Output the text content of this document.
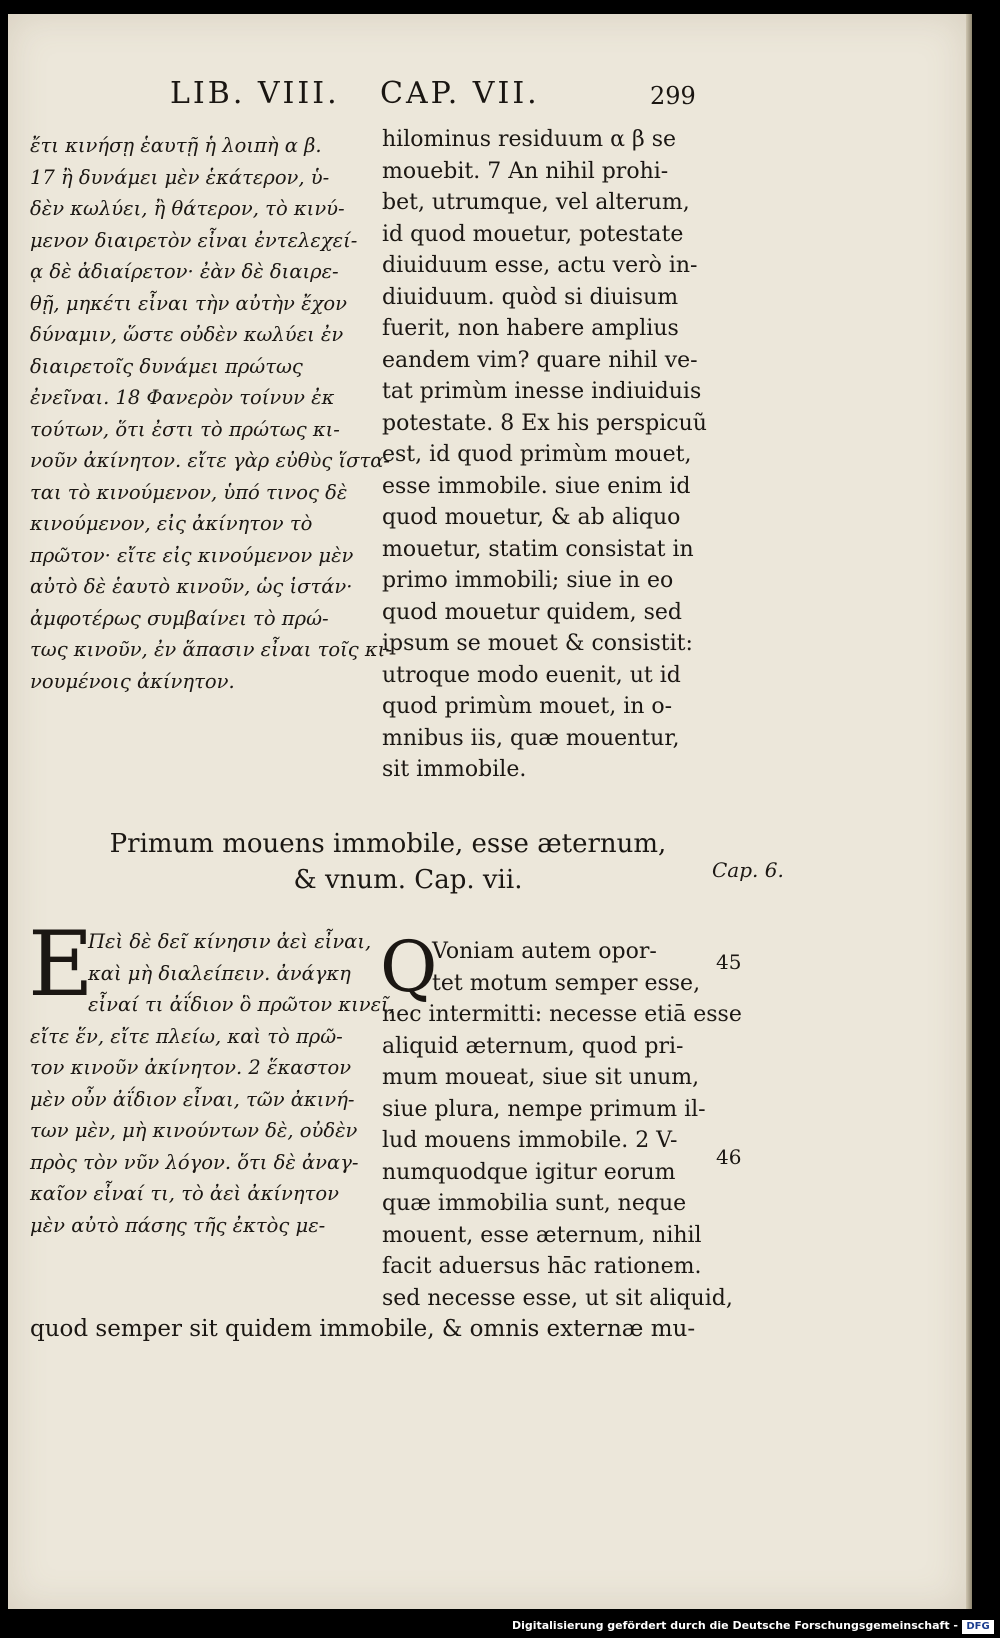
LIB. VIII. CAP. VII.	299
ἔτι κινήσῃ ἑαυτῇ ἡ λοιπὴ α β.
17 ἢ δυνάμει μὲν ἑκάτερον, ὑ-
δὲν κωλύει, ἢ θάτερον, τὸ κινύ-
μενον διαιρετὸν εἶναι ἐντελεχεί-
ᾳ δὲ ἀδιαίρετον· ἐὰν δὲ διαιρε-
θῇ, μηκέτι εἶναι τὴν αὐτὴν ἔχον
δύναμιν, ὥστε οὐδὲν κωλύει ἐν
διαιρετοῖς δυνάμει πρώτως
ἐνεῖναι. 18 Φανερὸν τοίνυν ἐκ
τούτων, ὅτι ἐστι τὸ πρώτως κι-
νοῦν ἀκίνητον. εἴτε γὰρ εὐθὺς ἵστα-
ται τὸ κινούμενον, ὑπό τινος δὲ
κινούμενον, εἰς ἀκίνητον τὸ
πρῶτον· εἴτε εἰς κινούμενον μὲν
αὐτὸ δὲ ἑαυτὸ κινοῦν, ὡς ἱστάν·
ἀμφοτέρως συμβαίνει τὸ πρώ-
τως κινοῦν, ἐν ἅπασιν εἶναι τοῖς κι-
νουμένοις ἀκίνητον.
hilominus residuum α β se
mouebit. 7 An nihil prohi-
bet, utrumque, vel alterum,
id quod mouetur, potestate
diuiduum esse, actu verò in-
diuiduum. quòd si diuisum
fuerit, non habere amplius
eandem vim? quare nihil ve-
tat primùm inesse indiuiduis
potestate. 8 Ex his perspicuũ
est, id quod primùm mouet,
esse immobile. siue enim id
quod mouetur, & ab aliquo
mouetur, statim consistat in
primo immobili; siue in eo
quod mouetur quidem, sed
ipsum se mouet & consistit:
utroque modo euenit, ut id
quod primùm mouet, in o-
mnibus iis, quæ mouentur,
sit immobile.
Primum mouens immobile, esse æternum,
& vnum. Cap. vii.	Cap. 6.
E	Q
Πεὶ δὲ δεῖ κίνησιν ἀεὶ εἶναι,
καὶ μὴ διαλείπειν. ἀνάγκη
εἶναί τι ἀΐδιον ὃ πρῶτον κινεῖ,
εἴτε ἕν, εἴτε πλείω, καὶ τὸ πρῶ-
τον κινοῦν ἀκίνητον. 2 ἕκαστον
μὲν οὖν ἀΐδιον εἶναι, τῶν ἀκινή-
των μὲν, μὴ κινούντων δὲ, οὐδὲν
πρὸς τὸν νῦν λόγον. ὅτι δὲ ἀναγ-
καῖον εἶναί τι, τὸ ἀεὶ ἀκίνητον
μὲν αὐτὸ πάσης τῆς ἐκτὸς με-
Voniam autem opor-
tet motum semper esse,
nec intermitti: necesse etiā esse
aliquid æternum, quod pri-
mum moueat, siue sit unum,
siue plura, nempe primum il-
lud mouens immobile. 2 V-
numquodque igitur eorum
quæ immobilia sunt, neque
mouent, esse æternum, nihil
facit aduersus hāc rationem.
sed necesse esse, ut sit aliquid,
45
46
quod semper sit quidem immobile, & omnis externæ mu-
Digitalisierung gefördert durch die Deutsche Forschungsgemeinschaft - DFG
